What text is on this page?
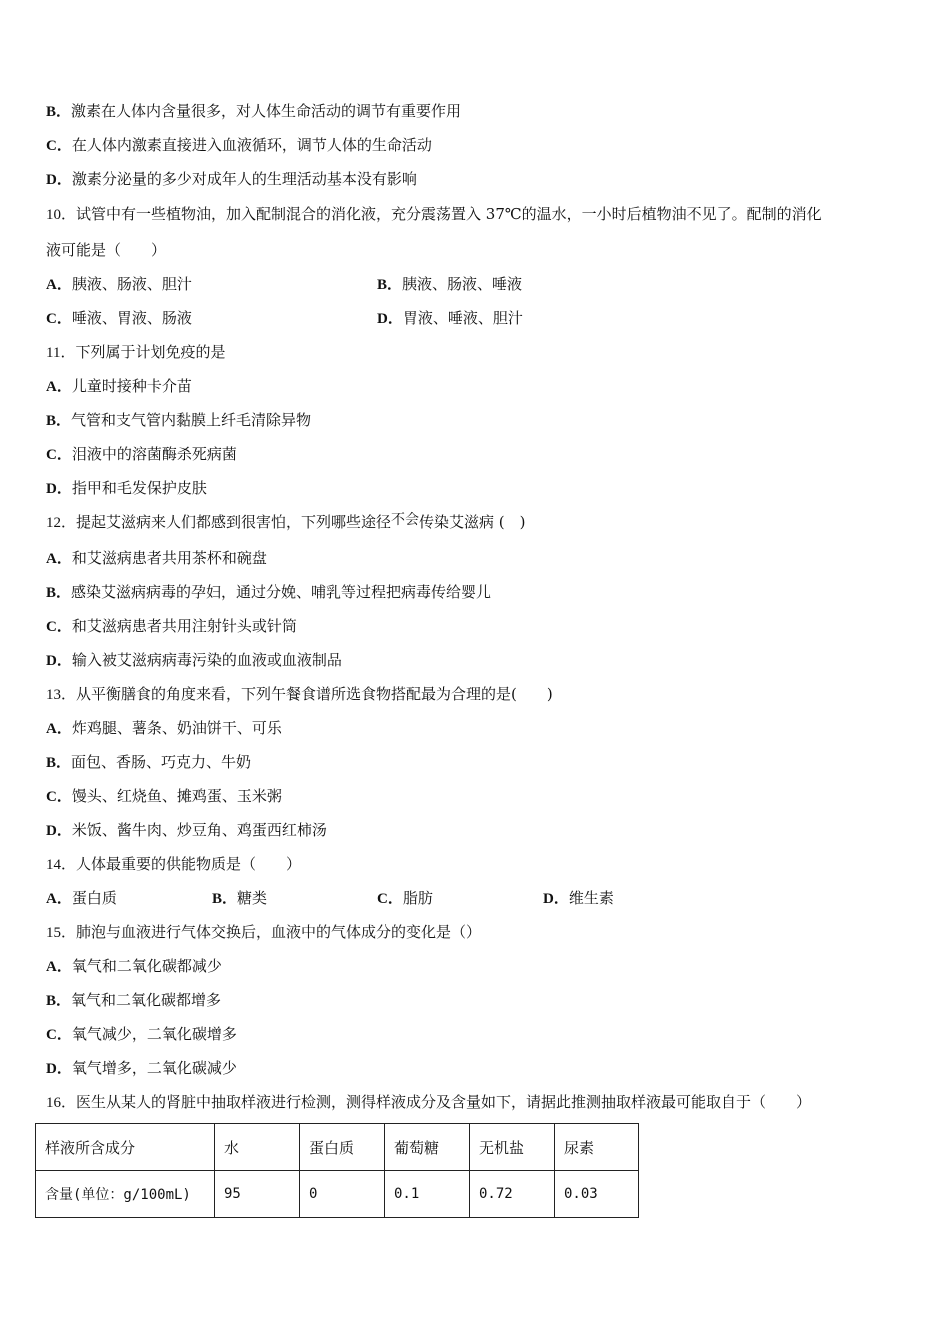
B．激素在人体内含量很多，对人体生命活动的调节有重要作用
C．在人体内激素直接进入血液循环，调节人体的生命活动
D．激素分泌量的多少对成年人的生理活动基本没有影响
10．试管中有一些植物油，加入配制混合的消化液，充分震荡置入 37℃的温水，一小时后植物油不见了。配制的消化
液可能是（　　）
A．胰液、肠液、胆汁	B．胰液、肠液、唾液
C．唾液、胃液、肠液	D．胃液、唾液、胆汁
11．下列属于计划免疫的是
A．儿童时接种卡介苗
B．气管和支气管内黏膜上纤毛清除异物
C．泪液中的溶菌酶杀死病菌
D．指甲和毛发保护皮肤
12．提起艾滋病来人们都感到很害怕，下列哪些途径不会传染艾滋病 (　)
A．和艾滋病患者共用茶杯和碗盘
B．感染艾滋病病毒的孕妇，通过分娩、哺乳等过程把病毒传给婴儿
C．和艾滋病患者共用注射针头或针筒
D．输入被艾滋病病毒污染的血液或血液制品
13．从平衡膳食的角度来看，下列午餐食谱所选食物搭配最为合理的是(　　)
A．炸鸡腿、薯条、奶油饼干、可乐
B．面包、香肠、巧克力、牛奶
C．馒头、红烧鱼、摊鸡蛋、玉米粥
D．米饭、酱牛肉、炒豆角、鸡蛋西红柿汤
14．人体最重要的供能物质是（　　）
A．蛋白质	B．糖类	C．脂肪	D．维生素
15．肺泡与血液进行气体交换后，血液中的气体成分的变化是（）
A．氧气和二氧化碳都减少
B．氧气和二氧化碳都增多
C．氧气减少，二氧化碳增多
D．氧气增多，二氧化碳减少
16．医生从某人的肾脏中抽取样液进行检测，测得样液成分及含量如下，请据此推测抽取样液最可能取自于（　　）
样液所含成分	水	蛋白质	葡萄糖	无机盐	尿素
含量(单位：g/100mL)	95	0	0.1	0.72	0.03
